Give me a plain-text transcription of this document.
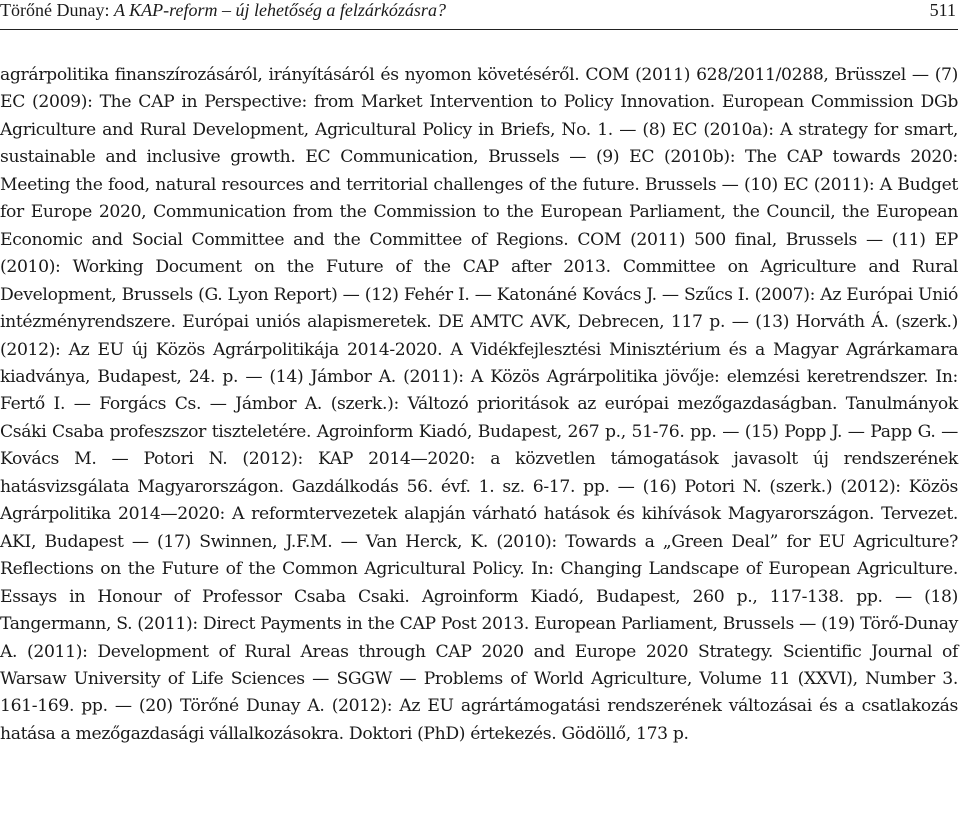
Törőné Dunay: A KAP-reform – új lehetőség a felzárkózásra?	511

agrárpolitika finanszírozásáról, irányításáról és nyomon követéséről. COM (2011) 628/2011/0288, Brüsszel — (7) EC (2009): The CAP in Perspective: from Market Intervention to Policy Innovation. European Commission DGb Agriculture and Rural Development, Agricultural Policy in Briefs, No. 1. — (8) EC (2010a): A strategy for smart, sustainable and inclusive growth. EC Communication, Brussels — (9) EC (2010b): The CAP towards 2020: Meeting the food, natural resources and territorial challenges of the future. Brussels — (10) EC (2011): A Budget for Europe 2020, Communication from the Commission to the European Parliament, the Council, the European Economic and Social Committee and the Committee of Regions. COM (2011) 500 final, Brussels — (11) EP (2010): Working Document on the Future of the CAP after 2013. Committee on Agriculture and Rural Development, Brussels (G. Lyon Report) — (12) Fehér I. — Katonáné Kovács J. — Szűcs I. (2007): Az Európai Unió intézményrendszere. Európai uniós alapismeretek. DE AMTC AVK, Debrecen, 117 p. — (13) Horváth Á. (szerk.) (2012): Az EU új Közös Agrárpolitikája 2014-2020. A Vidékfejlesztési Minisztérium és a Magyar Agrárkamara kiadványa, Budapest, 24. p. — (14) Jámbor A. (2011): A Közös Agrárpolitika jövője: elemzési keretrendszer. In: Fertő I. — Forgács Cs. — Jámbor A. (szerk.): Változó prioritások az európai mezőgazdaságban. Tanulmányok Csáki Csaba profeszszor tiszteletére. Agroinform Kiadó, Budapest, 267 p., 51-76. pp. — (15) Popp J. — Papp G. — Kovács M. — Potori N. (2012): KAP 2014—2020: a közvetlen támogatások javasolt új rendszerének hatásvizsgálata Magyarországon. Gazdálkodás 56. évf. 1. sz. 6-17. pp. — (16) Potori N. (szerk.) (2012): Közös Agrárpolitika 2014—2020: A reformtervezetek alapján várható hatások és kihívások Magyarországon. Tervezet. AKI, Budapest — (17) Swinnen, J.F.M. — Van Herck, K. (2010): Towards a „Green Deal” for EU Agriculture? Reflections on the Future of the Common Agricultural Policy. In: Changing Landscape of European Agriculture. Essays in Honour of Professor Csaba Csaki. Agroinform Kiadó, Budapest, 260 p., 117-138. pp. — (18) Tangermann, S. (2011): Direct Payments in the CAP Post 2013. European Parliament, Brussels — (19) Törő-Dunay A. (2011): Development of Rural Areas through CAP 2020 and Europe 2020 Strategy. Scientific Journal of Warsaw University of Life Sciences — SGGW — Problems of World Agriculture, Volume 11 (XXVI), Number 3. 161-169. pp. — (20) Törőné Dunay A. (2012): Az EU agrártámogatási rendszerének változásai és a csatlakozás hatása a mezőgazdasági vállalkozásokra. Doktori (PhD) értekezés. Gödöllő, 173 p.
